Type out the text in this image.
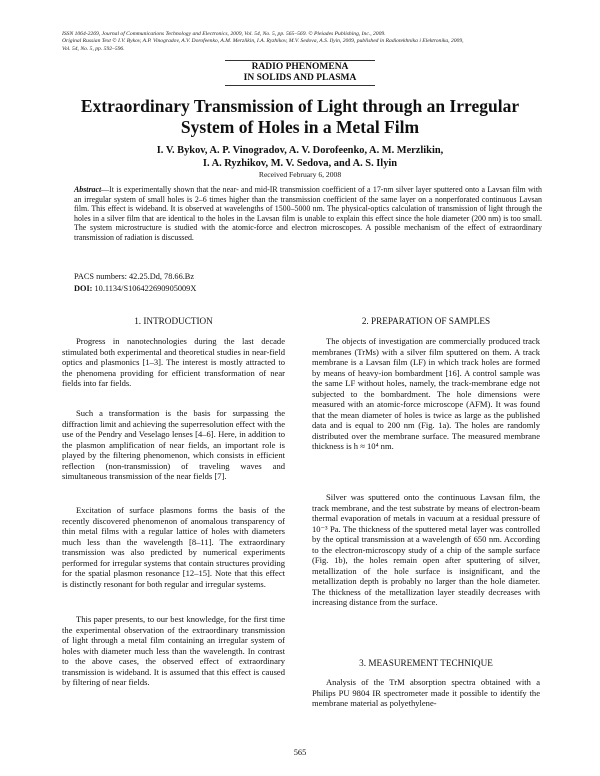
ISSN 1064-2269, Journal of Communications Technology and Electronics, 2009, Vol. 54, No. 5, pp. 565–569. © Pleiades Publishing, Inc., 2009.
Original Russian Text © I.V. Bykov, A.P. Vinogradov, A.V. Dorofeenko, A.M. Merzlikin, I.A. Ryzhikov, M.V. Sedova, A.S. Ilyin, 2009, published in Radiotekhnika i Elektronika, 2009,
Vol. 54, No. 5, pp. 592–596.
RADIO PHENOMENA
IN SOLIDS AND PLASMA
Extraordinary Transmission of Light through an Irregular
System of Holes in a Metal Film
I. V. Bykov, A. P. Vinogradov, A. V. Dorofeenko, A. M. Merzlikin,
I. A. Ryzhikov, M. V. Sedova, and A. S. Ilyin
Received February 6, 2008
Abstract—It is experimentally shown that the near- and mid-IR transmission coefficient of a 17-nm silver layer sputtered onto a Lavsan film with an irregular system of small holes is 2–6 times higher than the transmission coefficient of the same layer on a nonperforated continuous Lavsan film. This effect is wideband. It is observed at wavelengths of 1500–5000 nm. The physical-optics calculation of transmission of light through the holes in a silver film that are identical to the holes in the Lavsan film is unable to explain this effect since the hole diameter (200 nm) is too small. The system microstructure is studied with the atomic-force and electron microscopes. A possible mechanism of the effect of extraordinary transmission of radiation is discussed.
PACS numbers: 42.25.Dd, 78.66.Bz
DOI: 10.1134/S106422690905009X
1. INTRODUCTION

Progress in nanotechnologies during the last decade stimulated both experimental and theoretical studies in near-field optics and plasmonics [1–3]. The interest is mostly attracted to the phenomena providing for efficient transformation of near fields into far fields.

Such a transformation is the basis for surpassing the diffraction limit and achieving the superresolution effect with the use of the Pendry and Veselago lenses [4–6]. Here, in addition to the plasmon amplification of near fields, an important role is played by the filtering phenomenon, which consists in efficient reflection (non-transmission) of traveling waves and simultaneous transmission of the near fields [7].

Excitation of surface plasmons forms the basis of the recently discovered phenomenon of anomalous transparency of thin metal films with a regular lattice of holes with diameters much less than the wavelength [8–11]. The extraordinary transmission was also predicted by numerical experiments performed for irregular systems that contain structures providing for the spatial plasmon resonance [12–15]. Note that this effect is distinctly resonant for both regular and irregular systems.

This paper presents, to our best knowledge, for the first time the experimental observation of the extraordinary transmission of light through a metal film containing an irregular system of holes with diameter much less than the wavelength. In contrast to the above cases, the observed effect of extraordinary transmission is wideband. It is assumed that this effect is caused by filtering of near fields.

2. PREPARATION OF SAMPLES

The objects of investigation are commercially produced track membranes (TrMs) with a silver film sputtered on them. A track membrane is a Lavsan film (LF) in which track holes are formed by means of heavy-ion bombardment [16]. A control sample was the same LF without holes, namely, the track-membrane edge not subjected to the bombardment. The hole dimensions were measured with an atomic-force microscope (AFM). It was found that the mean diameter of holes is twice as large as the published data and is equal to 200 nm (Fig. 1a). The holes are randomly distributed over the membrane surface. The measured membrane thickness is h ≈ 10⁴ nm.

Silver was sputtered onto the continuous Lavsan film, the track membrane, and the test substrate by means of electron-beam thermal evaporation of metals in vacuum at a residual pressure of 10⁻³ Pa. The thickness of the sputtered metal layer was controlled by the optical transmission at a wavelength of 650 nm. According to the electron-microscopy study of a chip of the sample surface (Fig. 1b), the holes remain open after sputtering of silver, metallization of the hole surface is insignificant, and the metallization depth is probably no larger than the hole diameter. The thickness of the metallization layer steadily decreases with increasing distance from the surface.

3. MEASUREMENT TECHNIQUE

Analysis of the TrM absorption spectra obtained with a Philips PU 9804 IR spectrometer made it possible to identify the membrane material as polyethylene-

565
